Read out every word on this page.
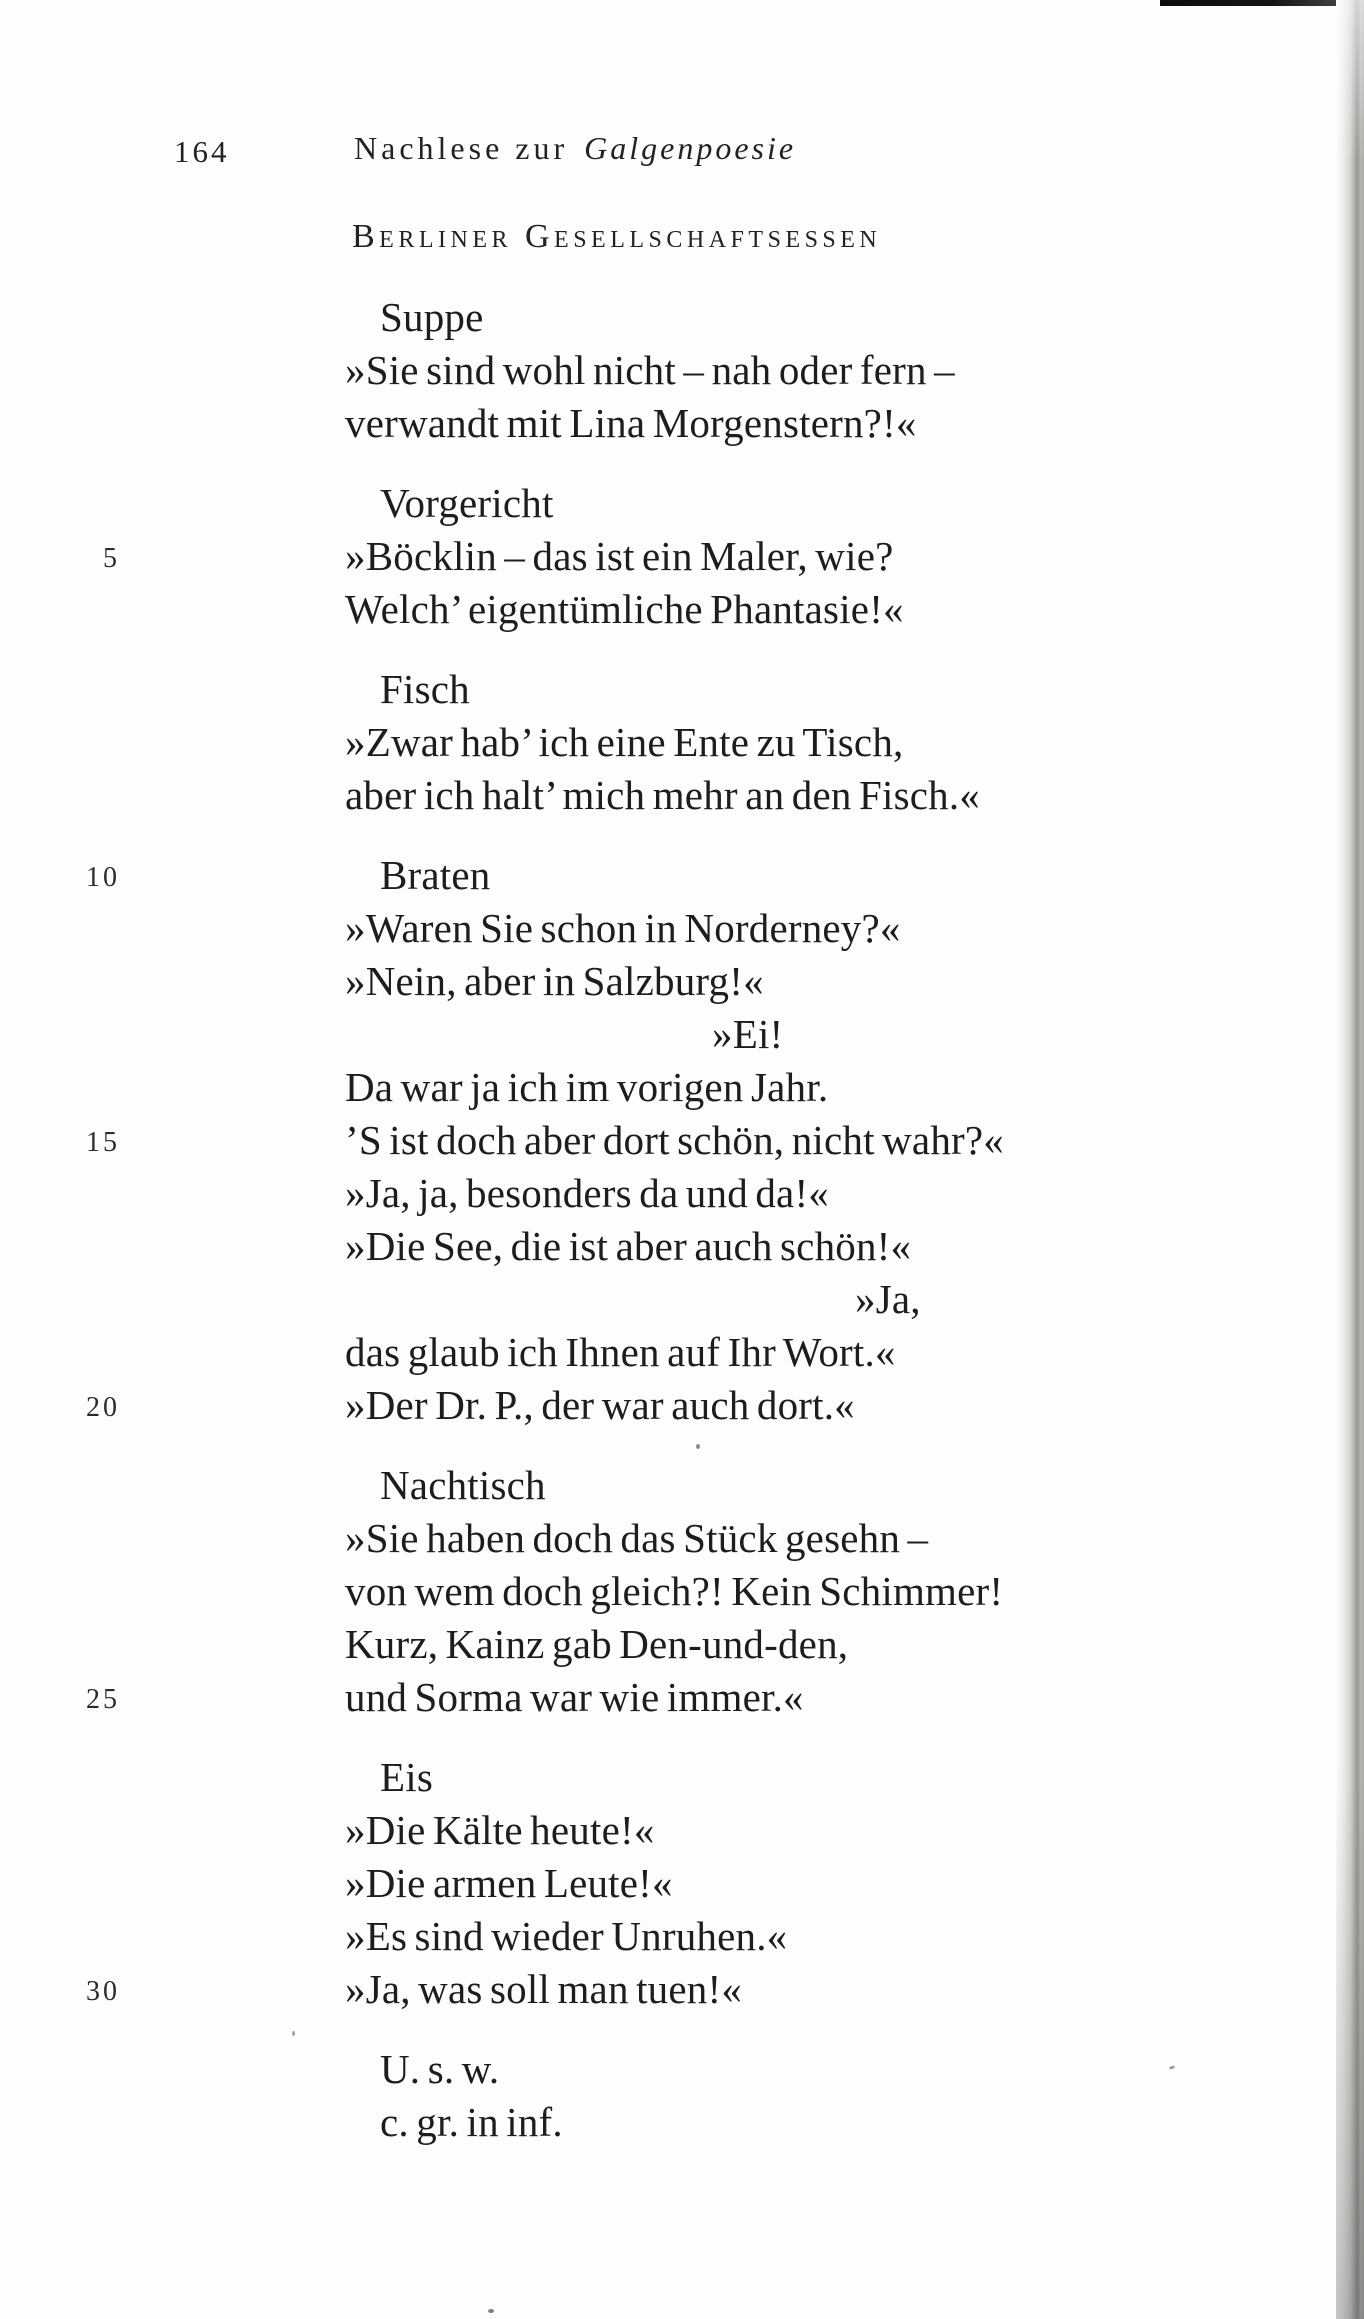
164	Nachlese zur Galgenpoesie
Berliner Gesellschaftsessen
Suppe
»Sie sind wohl nicht – nah oder fern –
verwandt mit Lina Morgenstern?!«
Vorgericht
5	»Böcklin – das ist ein Maler, wie?
Welch’ eigentümliche Phantasie!«
Fisch
»Zwar hab’ ich eine Ente zu Tisch,
aber ich halt’ mich mehr an den Fisch.«
10	Braten
»Waren Sie schon in Norderney?«
»Nein, aber in Salzburg!«
»Ei!
Da war ja ich im vorigen Jahr.
15	’S ist doch aber dort schön, nicht wahr?«
»Ja, ja, besonders da und da!«
»Die See, die ist aber auch schön!«
»Ja,
das glaub ich Ihnen auf Ihr Wort.«
20	»Der Dr. P., der war auch dort.«
Nachtisch
»Sie haben doch das Stück gesehn –
von wem doch gleich?! Kein Schimmer!
Kurz, Kainz gab Den-und-den,
25	und Sorma war wie immer.«
Eis
»Die Kälte heute!«
»Die armen Leute!«
»Es sind wieder Unruhen.«
30	»Ja, was soll man tuen!«
U. s. w.
c. gr. in inf.
